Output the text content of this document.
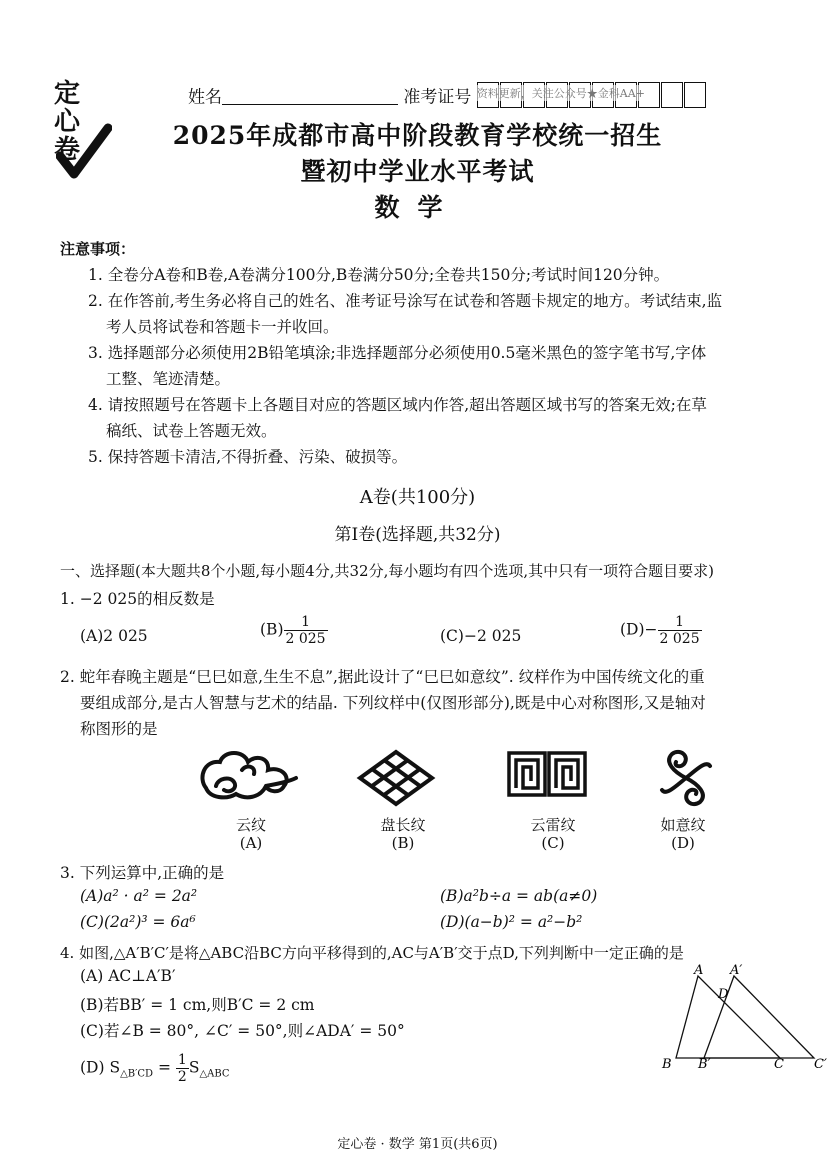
定心卷
姓名	准考证号 资料更新，关注公众号★金科AA+
2025年成都市高中阶段教育学校统一招生
暨初中学业水平考试
数学
注意事项：

1. 全卷分A卷和B卷,A卷满分100分,B卷满分50分;全卷共150分;考试时间120分钟。

2. 在作答前,考生务必将自己的姓名、准考证号涂写在试卷和答题卡规定的地方。考试结束,监

考人员将试卷和答题卡一并收回。

3. 选择题部分必须使用2B铅笔填涂;非选择题部分必须使用0.5毫米黑色的签字笔书写,字体

工整、笔迹清楚。

4. 请按照题号在答题卡上各题目对应的答题区域内作答,超出答题区域书写的答案无效;在草

稿纸、试卷上答题无效。

5. 保持答题卡清洁,不得折叠、污染、破损等。

A卷(共100分)
第Ⅰ卷(选择题,共32分)
一、选择题(本大题共8个小题,每小题4分,共32分,每小题均有四个选项,其中只有一项符合题目要求)
1. −2 025的相反数是
(A)2 025	$(B) \frac{1}{2 025}$	(C)−2 025	$(D)- \frac{1}{2 025}$
2. 蛇年春晚主题是“巳巳如意,生生不息”,据此设计了“巳巳如意纹”. 纹样作为中国传统文化的重
要组成部分,是古人智慧与艺术的结晶. 下列纹样中(仅图形部分),既是中心对称图形,又是轴对
称图形的是
云纹
(A)
盘长纹
(B)
云雷纹
(C)
如意纹
(D)
3. 下列运算中,正确的是
(A)a² · a² = 2a²	(B)a²b÷a = ab(a≠0)
(C)(2a²)³ = 6a⁶	(D)(a−b)² = a²−b²
4. 如图,△A′B′C′是将△ABC沿BC方向平移得到的,AC与A′B′交于点D,下列判断中一定正确的是
(A) AC⊥A′B′
(B)若BB′ = 1 cm,则B′C = 2 cm
(C)若∠B = 80°, ∠C′ = 50°,则∠ADA′ = 50°
(D) $S_{\triangle B'CD} = \frac{1}{2} S_{\triangle ABC}$
A A′
D
B B′	C C′
定心卷 · 数学 第1页(共6页)
